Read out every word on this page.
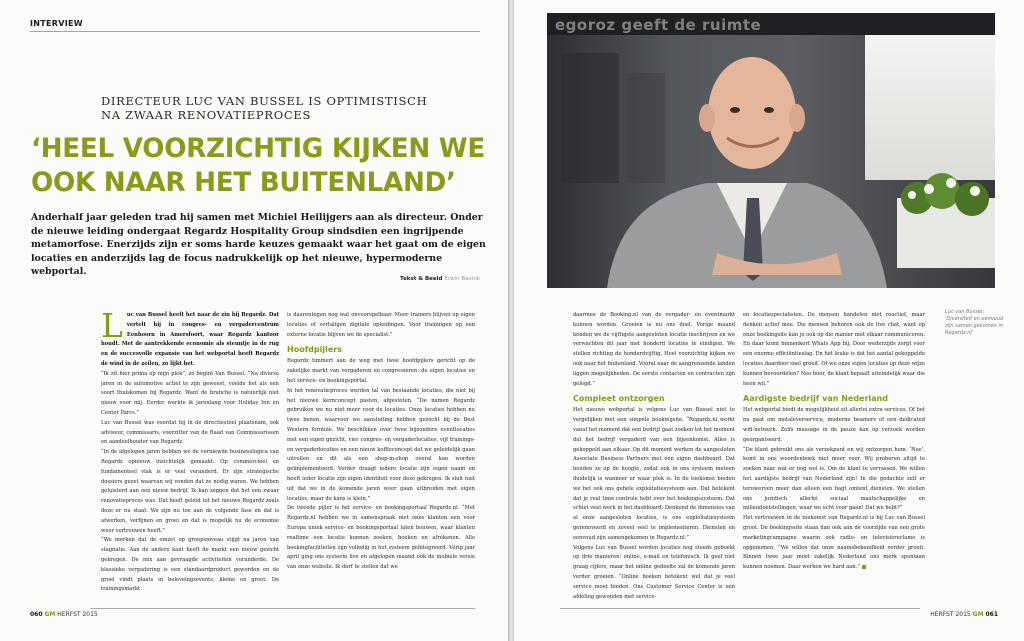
INTERVIEW
DIRECTEUR LUC VAN BUSSEL IS OPTIMISTISCH NA ZWAAR RENOVATIEPROCES
‘HEEL VOORZICHTIG KIJKEN WE OOK NAAR HET BUITENLAND’
Anderhalf jaar geleden trad hij samen met Michiel Heilijgers aan als directeur. Onder de nieuwe leiding ondergaat Regardz Hospitality Group sindsdien een ingrijpende metamorfose. Enerzijds zijn er soms harde keuzes gemaakt waar het gaat om de eigen locaties en anderzijds lag de focus nadrukkelijk op het nieuwe, hypermoderne webportal.
Tekst & Beeld Erwin Bavink

Luc van Bussel heeft het naar de zin bij Regardz. Dat vertelt hij in congres- en vergadercentrum Eenhoorn in Amersfoort, waar Regardz kantoor houdt. Met de aantrekkende economie als steuntje in de rug en de succesvolle expansie van het webportal heeft Regardz de wind in de zeilen, zo lijkt het.

“Ik zit hier prima op mijn plek”, zo begint Van Bussel. “Na diverse jaren in de automotive actief te zijn geweest, voelde het als een soort thuiskomen bij Regardz. Want de branche is natuurlijk niet nieuw voor mij. Eerder werkte ik jarenlang voor Holiday Inn en Center Parcs.”

Luc van Bussel was voordat hij in de directiestoel plaatsnam, ook adviseur, commissaris, voorzitter van de Raad van Commissarissen en aandeelhouder van Regardz.

“In de afgelopen jaren hebben we de verniewde businesslogica van Regardz opnieuw inzichtelijk gemaakt. Op commercieel en fundamenteel vlak is er veel veranderd. Er zijn strategische dossiers gezet waarvan wij vonden dat ze nodig waren. We hebben geluisterd aan een nieuw bedrijf. Ik kan zeggen dat het een zwaar renovatieproces was. Dat heeft geleid tot het nieuwe Regardz zoals deze er nu staat. We zijn nu toe aan de volgende fase en dat is afwerken, verfijnen en groei en dat is mogelijk nu de economie weer vertrouwen heeft.”

“We merken dat de omzet op groepsniveau stijgt na jaren van stagnatie. Aan de andere kant heeft de markt een nieuw gezicht gekregen. De mix aan gevraagde activiteiten veranderde. De klassieke vergadering is een standaardproduct geworden en de groei vindt plaats in beleveingsevents, kleine en groot. De trainingsmarkt

is daarentegen nog wat onvoorspelbaar. Meer trainers blijven op eigen locaties of vertaligen digitale opleidingen. Voor trainingen op een externe locatie blijven we de specialist.”

Hoofdpijlers

Regardz timmert aan de weg met twee hoofdpijlers gericht op de zakelijke markt van vergaderen en congresseren: de eigen locaties en het service- en bookingsportal.

In het renovatieproces werden tal van bestaande locaties, die niet bij het nieuwe kernconcept pasten, afgestoten. “De namen Regardz gebruiken we nu niet meer voor de locaties. Onze locaties hebben nu twee benen, waarvoor we aansluiting hebben gezocht bij de Best Western formule. We beschikken over twee bijzondere eventlocaties met een eigen gezicht, vier congres- en vergaderlocaties, vijf trainings- en vergaderlocaties en een nieuw koffieconcept dat we geleidelijk gaan uitrollen en dit als een shop-in-shop overal kan worden geïmplementeerd. Verder draagt iedere locatie zijn eigen naam en heeft ieder locatie zijn eigen identiteit voor deze gekregen. Ik sluit niet uit dat we in de komende jaren weer gaan uitbreiden met eigen locaties, maar de kans is klein.”

De tweede pijler is het service- en bookingsportaal Regardz.nl. “Met Regardz.nl hebben we in samenspraak met onze klanten een voor Europa uniek service- en bookingsportaal laten bouwen, waar klanten realtime een locatie kunnen zoeken, boeken en afrekenen. Alle boekingfaciliteiten zijn volledig in het systeem geïntegreerd. Vorig jaar april ging ons systeem live en afgelopen maand ook de mobiele versie van onze website. Ik durf te stellen dat we

060 GM HERFST 2015
egoroz geeft de ruimte

daarmee de Booking.nl van de vergader- en eventmarkt kunnen worden. Groeien is nu ons doel. Vorige maand konden we de vijftigste aangesloten locatie inschrijven en we verwachten dit jaar met honderd locaties te eindigen. We stellen richting de honderdvijftig. Heel voorzichtig kijken we ook naar het buitenland. Vooral naar de aangrenzende landen liggen mogelijkheden. De eerste contacten en contracten zijn gelegd.”

Compleet ontzorgen

Het nieuwe webportal is volgens Luc van Bussel niet te vergelijken met een simpele bookingsite. “Regardz.nl werkt vanaf het moment dat een bedrijf gaat zoeken tot het moment dat het bedrijf vergaderd van een bijeenkomst. Alles is gekoppeld aan elkaar. Op dit moment werken de aangesloten Associate Business Partners met een eigen dashboard. Dat houden ze op de hoogte, zodat ook in ons systeem meteen duidelijk is wanneer er waar plek is. In de toekomst bieden we het ook ons gehele exploitatiesysteem aan. Dat betekent dat je real time controle hebt over het boekingssysteem. Dat schiet veel werk in het dashboard. Denkend de dimensies van al onze aangesloten locaties, is ons exploitatiesysteem gerenoveerd en zoveel veel te implementeren. Diensten en eenvoud zijn samengekomen in Regardz.nl.”

Volgens Luc van Bussel worden locaties nog steeds geboekt op drie manieren: online, e-mail en telefonisch. Ik geef niet graag cijfers, maar het online gedeelte zal de komende jaren verder groeien. “Online boeken betekent wel dat je veel service moet bieden. Ons Customer Service Center is een afdeling gewonden met service-

en locatiespecialisten. De mensen handelen niet reactief, maar denken actief mee. Die mensen behoren ook de live chat, want op onze boekingsite kan je ook op die manier met elkaar communiceren. En daar komt binnenkort Whats App bij. Door wederzijds zorgt voor een enorme efficiëntieslag. En het leuke is dat het aantal gekoppelde locaties daardoor snel groeit. Of we onze eigen locaties op deze wijze kunnen bevoordelen? Nee hoor, de klant bepaalt uiteindelijk waar die heen wil.”

Aardigste bedrijf van Nederland

Het webportal biedt de mogelijkheid uit allerlei extra services. Of het nu gaat om metaleverservice, moderne beamers of een dedicated wifi-netwerk. Zelfs massage in de pauze kan op verzoek worden georganiseerd.

“De klant gebruikt ons als verzekpunt en wij ontzorgen hem. ‘Nee’, komt in ons woordenboek niet meer voor. Wij proberen altijd te zoeken naar wat er nog wel is. Om de klant te verrassen. We willen het aardigste bedrijf van Nederland zijn! In die gedachte zelf er teruwerven meer dan alleen een bagt omtent diensten. We stellen ons juridisch allerlei sociaal maatschappelijke en milieudoelstellingen, waar we echt voor gaan! Dat we hebt?”

Het vertrouwen in de toekomst van Regardz.nl is bij Luc van Bussel groot. De boekingssite staan dan ook aan de voorzijde van een grote marketingcampagne waarin ook radio- en televisiereclame is opgenomen. “We willen dat onze naamsbekendheid verder groeit. Binnen twee jaar moet zakelijk Nederland ons merk spontaan kunnen noemen. Daar werken we hard aan.”

Luc van Bussel: 'Diversiteit en eenvoud zijn samen gekomen in Regardz.nl'
HERFST 2015 GM 061
